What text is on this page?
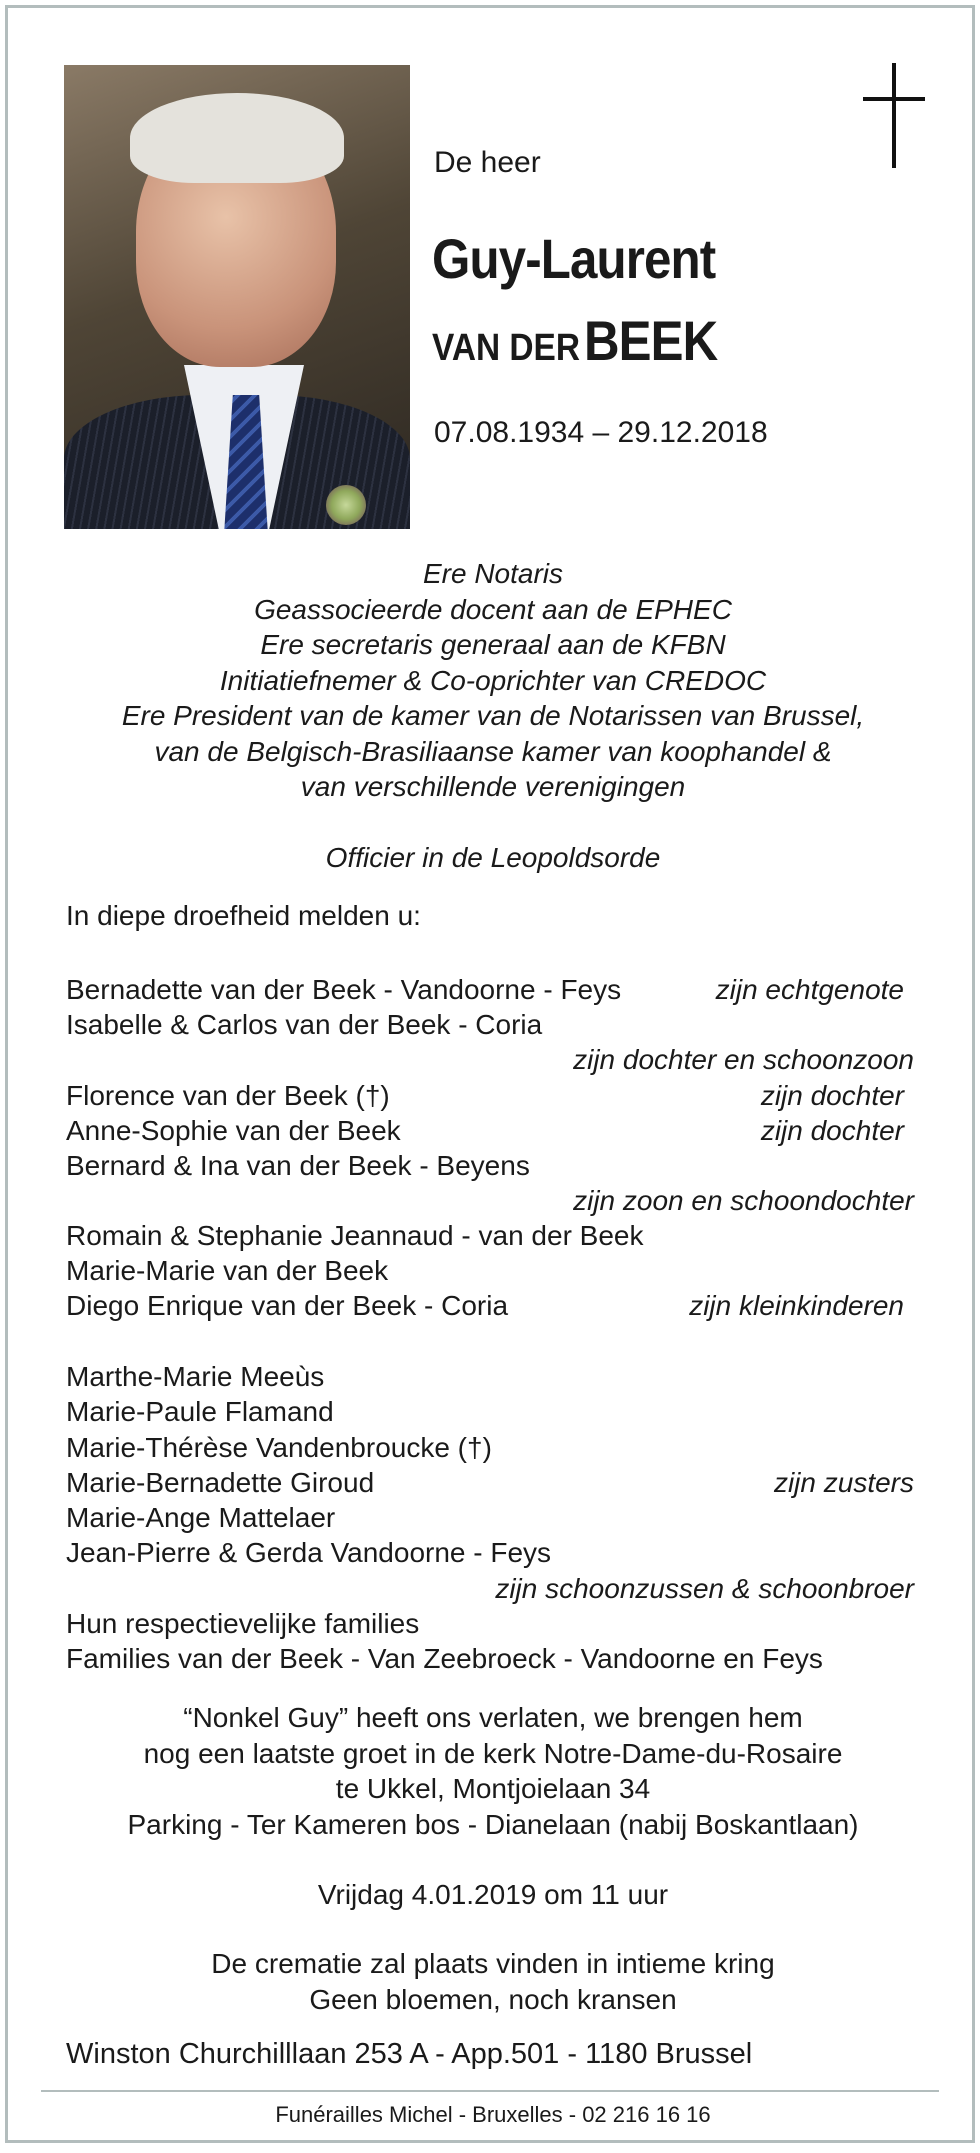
De heer
Guy-Laurent
VAN DER BEEK
07.08.1934 – 29.12.2018
Ere Notaris
Geassocieerde docent aan de EPHEC
Ere secretaris generaal aan de KFBN
Initiatiefnemer & Co-oprichter van CREDOC
Ere President van de kamer van de Notarissen van Brussel,
van de Belgisch-Brasiliaanse kamer van koophandel &
van verschillende verenigingen
Officier in de Leopoldsorde
In diepe droefheid melden u:
Bernadette van der Beek - Vandoorne - Feys	zijn echtgenote
Isabelle & Carlos van der Beek - Coria
zijn dochter en schoonzoon
Florence van der Beek (†)	zijn dochter
Anne-Sophie van der Beek	zijn dochter
Bernard & Ina van der Beek - Beyens
zijn zoon en schoondochter
Romain & Stephanie Jeannaud - van der Beek
Marie-Marie van der Beek
Diego Enrique van der Beek - Coria	zijn kleinkinderen
Marthe-Marie Meeùs
Marie-Paule Flamand
Marie-Thérèse Vandenbroucke (†)
Marie-Bernadette Giroud	zijn zusters
Marie-Ange Mattelaer
Jean-Pierre & Gerda Vandoorne - Feys
zijn schoonzussen & schoonbroer
Hun respectievelijke families
Families van der Beek - Van Zeebroeck - Vandoorne en Feys
“Nonkel Guy” heeft ons verlaten, we brengen hem
nog een laatste groet in de kerk Notre-Dame-du-Rosaire
te Ukkel, Montjoielaan 34
Parking - Ter Kameren bos - Dianelaan (nabij Boskantlaan)
Vrijdag 4.01.2019 om 11 uur
De crematie zal plaats vinden in intieme kring
Geen bloemen, noch kransen
Winston Churchilllaan 253 A - App.501 - 1180 Brussel
Funérailles Michel - Bruxelles - 02 216 16 16
